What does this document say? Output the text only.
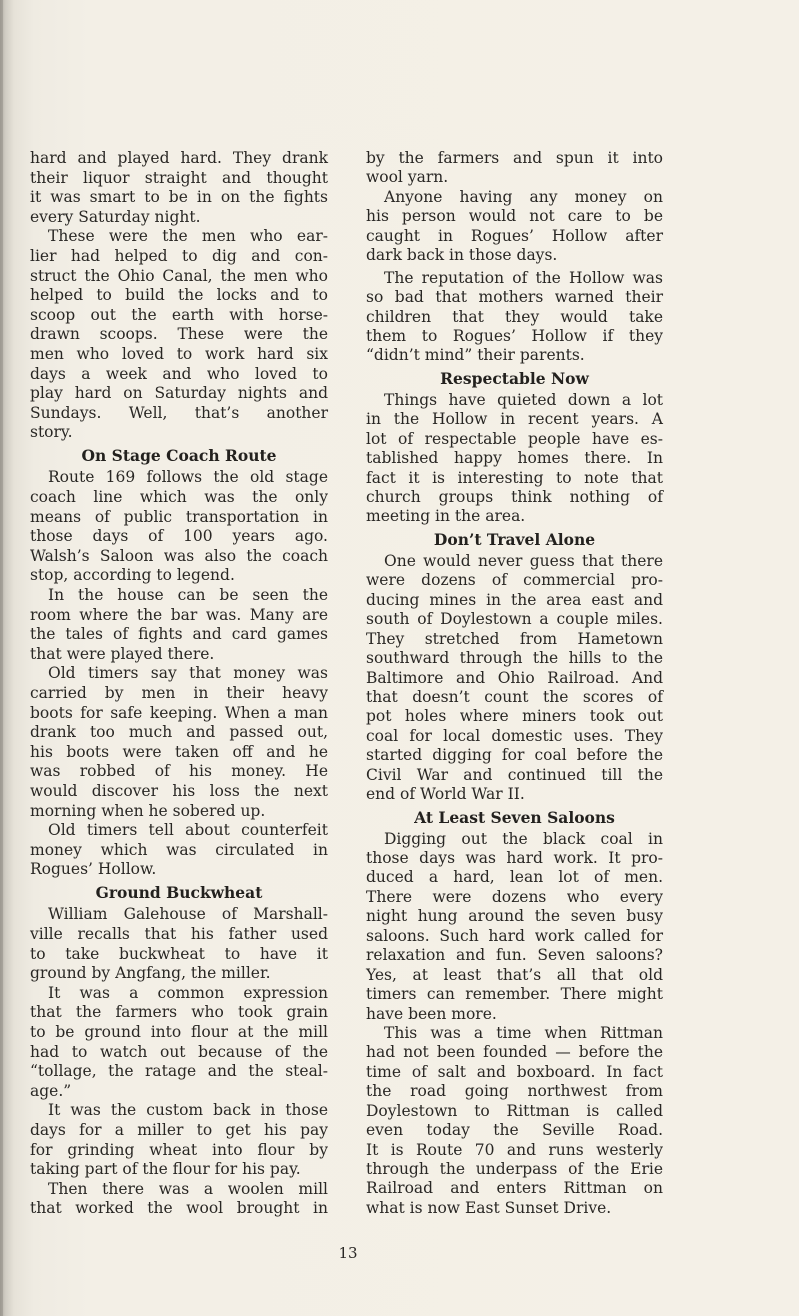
hard and played hard. They drank
their liquor straight and thought
it was smart to be in on the fights
every Saturday night.
These were the men who ear-
lier had helped to dig and con-
struct the Ohio Canal, the men who
helped to build the locks and to
scoop out the earth with horse-
drawn scoops. These were the
men who loved to work hard six
days a week and who loved to
play hard on Saturday nights and
Sundays. Well, that’s another
story.
On Stage Coach Route
Route 169 follows the old stage
coach line which was the only
means of public transportation in
those days of 100 years ago.
Walsh’s Saloon was also the coach
stop, according to legend.
In the house can be seen the
room where the bar was. Many are
the tales of fights and card games
that were played there.
Old timers say that money was
carried by men in their heavy
boots for safe keeping. When a man
drank too much and passed out,
his boots were taken off and he
was robbed of his money. He
would discover his loss the next
morning when he sobered up.
Old timers tell about counterfeit
money which was circulated in
Rogues’ Hollow.
Ground Buckwheat
William Galehouse of Marshall-
ville recalls that his father used
to take buckwheat to have it
ground by Angfang, the miller.
It was a common expression
that the farmers who took grain
to be ground into flour at the mill
had to watch out because of the
“tollage, the ratage and the steal-
age.”
It was the custom back in those
days for a miller to get his pay
for grinding wheat into flour by
taking part of the flour for his pay.
Then there was a woolen mill
that worked the wool brought in
by the farmers and spun it into
wool yarn.
Anyone having any money on
his person would not care to be
caught in Rogues’ Hollow after
dark back in those days.
The reputation of the Hollow was
so bad that mothers warned their
children that they would take
them to Rogues’ Hollow if they
“didn’t mind” their parents.
Respectable Now
Things have quieted down a lot
in the Hollow in recent years. A
lot of respectable people have es-
tablished happy homes there. In
fact it is interesting to note that
church groups think nothing of
meeting in the area.
Don’t Travel Alone
One would never guess that there
were dozens of commercial pro-
ducing mines in the area east and
south of Doylestown a couple miles.
They stretched from Hametown
southward through the hills to the
Baltimore and Ohio Railroad. And
that doesn’t count the scores of
pot holes where miners took out
coal for local domestic uses. They
started digging for coal before the
Civil War and continued till the
end of World War II.
At Least Seven Saloons
Digging out the black coal in
those days was hard work. It pro-
duced a hard, lean lot of men.
There were dozens who every
night hung around the seven busy
saloons. Such hard work called for
relaxation and fun. Seven saloons?
Yes, at least that’s all that old
timers can remember. There might
have been more.
This was a time when Rittman
had not been founded — before the
time of salt and boxboard. In fact
the road going northwest from
Doylestown to Rittman is called
even today the Seville Road.
It is Route 70 and runs westerly
through the underpass of the Erie
Railroad and enters Rittman on
what is now East Sunset Drive.
13
